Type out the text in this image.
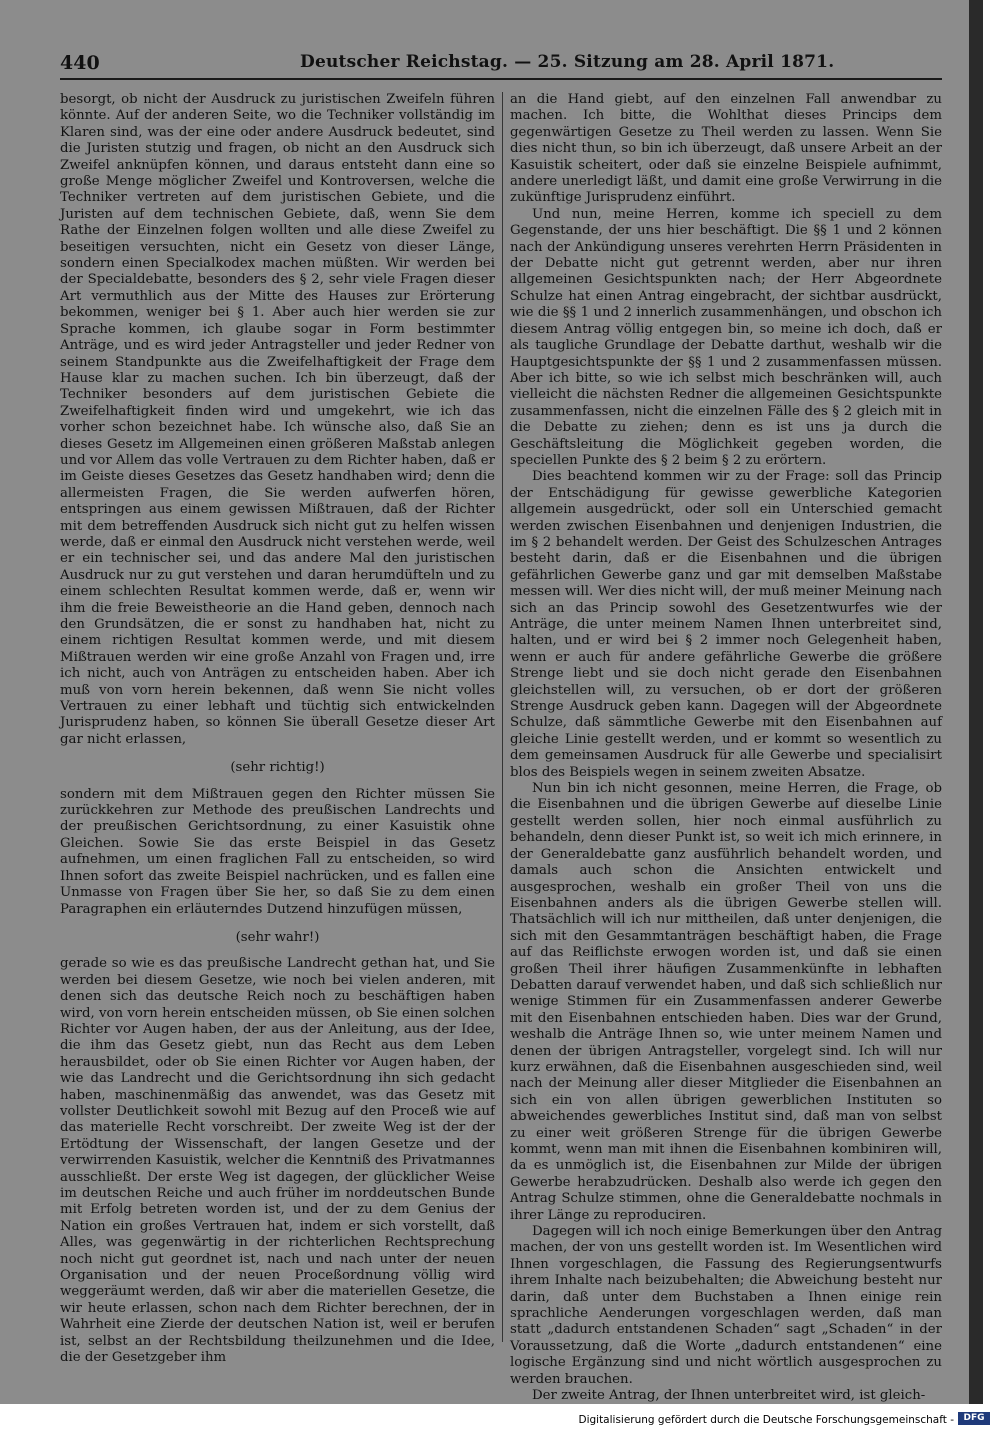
440	Deutscher Reichstag. — 25. Sitzung am 28. April 1871.

besorgt, ob nicht der Ausdruck zu juristischen Zweifeln führen könnte. Auf der anderen Seite, wo die Techniker vollständig im Klaren sind, was der eine oder andere Ausdruck bedeutet, sind die Juristen stutzig und fragen, ob nicht an den Ausdruck sich Zweifel anknüpfen können, und daraus entsteht dann eine so große Menge möglicher Zweifel und Kontroversen, welche die Techniker vertreten auf dem juristischen Gebiete, und die Juristen auf dem technischen Gebiete, daß, wenn Sie dem Rathe der Einzelnen folgen wollten und alle diese Zweifel zu beseitigen versuchten, nicht ein Gesetz von dieser Länge, sondern einen Specialkodex machen müßten. Wir werden bei der Specialdebatte, besonders des § 2, sehr viele Fragen dieser Art vermuthlich aus der Mitte des Hauses zur Erörterung bekommen, weniger bei § 1. Aber auch hier werden sie zur Sprache kommen, ich glaube sogar in Form bestimmter Anträge, und es wird jeder Antragsteller und jeder Redner von seinem Standpunkte aus die Zweifelhaftigkeit der Frage dem Hause klar zu machen suchen. Ich bin überzeugt, daß der Techniker besonders auf dem juristischen Gebiete die Zweifelhaftigkeit finden wird und umgekehrt, wie ich das vorher schon bezeichnet habe. Ich wünsche also, daß Sie an dieses Gesetz im Allgemeinen einen größeren Maßstab anlegen und vor Allem das volle Vertrauen zu dem Richter haben, daß er im Geiste dieses Gesetzes das Gesetz handhaben wird; denn die allermeisten Fragen, die Sie werden aufwerfen hören, entspringen aus einem gewissen Mißtrauen, daß der Richter mit dem betreffenden Ausdruck sich nicht gut zu helfen wissen werde, daß er einmal den Ausdruck nicht verstehen werde, weil er ein technischer sei, und das andere Mal den juristischen Ausdruck nur zu gut verstehen und daran herumdüfteln und zu einem schlechten Resultat kommen werde, daß er, wenn wir ihm die freie Beweistheorie an die Hand geben, dennoch nach den Grundsätzen, die er sonst zu handhaben hat, nicht zu einem richtigen Resultat kommen werde, und mit diesem Mißtrauen werden wir eine große Anzahl von Fragen und, irre ich nicht, auch von Anträgen zu entscheiden haben. Aber ich muß von vorn herein bekennen, daß wenn Sie nicht volles Vertrauen zu einer lebhaft und tüchtig sich entwickelnden Jurisprudenz haben, so können Sie überall Gesetze dieser Art gar nicht erlassen,

(sehr richtig!)

sondern mit dem Mißtrauen gegen den Richter müssen Sie zurückkehren zur Methode des preußischen Landrechts und der preußischen Gerichtsordnung, zu einer Kasuistik ohne Gleichen. Sowie Sie das erste Beispiel in das Gesetz aufnehmen, um einen fraglichen Fall zu entscheiden, so wird Ihnen sofort das zweite Beispiel nachrücken, und es fallen eine Unmasse von Fragen über Sie her, so daß Sie zu dem einen Paragraphen ein erläuterndes Dutzend hinzufügen müssen,

(sehr wahr!)

gerade so wie es das preußische Landrecht gethan hat, und Sie werden bei diesem Gesetze, wie noch bei vielen anderen, mit denen sich das deutsche Reich noch zu beschäftigen haben wird, von vorn herein entscheiden müssen, ob Sie einen solchen Richter vor Augen haben, der aus der Anleitung, aus der Idee, die ihm das Gesetz giebt, nun das Recht aus dem Leben herausbildet, oder ob Sie einen Richter vor Augen haben, der wie das Landrecht und die Gerichtsordnung ihn sich gedacht haben, maschinenmäßig das anwendet, was das Gesetz mit vollster Deutlichkeit sowohl mit Bezug auf den Proceß wie auf das materielle Recht vorschreibt. Der zweite Weg ist der der Ertödtung der Wissenschaft, der langen Gesetze und der verwirrenden Kasuistik, welcher die Kenntniß des Privatmannes ausschließt. Der erste Weg ist dagegen, der glücklicher Weise im deutschen Reiche und auch früher im norddeutschen Bunde mit Erfolg betreten worden ist, und der zu dem Genius der Nation ein großes Vertrauen hat, indem er sich vorstellt, daß Alles, was gegenwärtig in der richterlichen Rechtsprechung noch nicht gut geordnet ist, nach und nach unter der neuen Organisation und der neuen Proceßordnung völlig wird weggeräumt werden, daß wir aber die materiellen Gesetze, die wir heute erlassen, schon nach dem Richter berechnen, der in Wahrheit eine Zierde der deutschen Nation ist, weil er berufen ist, selbst an der Rechtsbildung theilzunehmen und die Idee, die der Gesetzgeber ihm

an die Hand giebt, auf den einzelnen Fall anwendbar zu machen. Ich bitte, die Wohlthat dieses Princips dem gegenwärtigen Gesetze zu Theil werden zu lassen. Wenn Sie dies nicht thun, so bin ich überzeugt, daß unsere Arbeit an der Kasuistik scheitert, oder daß sie einzelne Beispiele aufnimmt, andere unerledigt läßt, und damit eine große Verwirrung in die zukünftige Jurisprudenz einführt.

Und nun, meine Herren, komme ich speciell zu dem Gegenstande, der uns hier beschäftigt. Die §§ 1 und 2 können nach der Ankündigung unseres verehrten Herrn Präsidenten in der Debatte nicht gut getrennt werden, aber nur ihren allgemeinen Gesichtspunkten nach; der Herr Abgeordnete Schulze hat einen Antrag eingebracht, der sichtbar ausdrückt, wie die §§ 1 und 2 innerlich zusammenhängen, und obschon ich diesem Antrag völlig entgegen bin, so meine ich doch, daß er als taugliche Grundlage der Debatte darthut, weshalb wir die Hauptgesichtspunkte der §§ 1 und 2 zusammenfassen müssen. Aber ich bitte, so wie ich selbst mich beschränken will, auch vielleicht die nächsten Redner die allgemeinen Gesichtspunkte zusammenfassen, nicht die einzelnen Fälle des § 2 gleich mit in die Debatte zu ziehen; denn es ist uns ja durch die Geschäftsleitung die Möglichkeit gegeben worden, die speciellen Punkte des § 2 beim § 2 zu erörtern.

Dies beachtend kommen wir zu der Frage: soll das Princip der Entschädigung für gewisse gewerbliche Kategorien allgemein ausgedrückt, oder soll ein Unterschied gemacht werden zwischen Eisenbahnen und denjenigen Industrien, die im § 2 behandelt werden. Der Geist des Schulzeschen Antrages besteht darin, daß er die Eisenbahnen und die übrigen gefährlichen Gewerbe ganz und gar mit demselben Maßstabe messen will. Wer dies nicht will, der muß meiner Meinung nach sich an das Princip sowohl des Gesetzentwurfes wie der Anträge, die unter meinem Namen Ihnen unterbreitet sind, halten, und er wird bei § 2 immer noch Gelegenheit haben, wenn er auch für andere gefährliche Gewerbe die größere Strenge liebt und sie doch nicht gerade den Eisenbahnen gleichstellen will, zu versuchen, ob er dort der größeren Strenge Ausdruck geben kann. Dagegen will der Abgeordnete Schulze, daß sämmtliche Gewerbe mit den Eisenbahnen auf gleiche Linie gestellt werden, und er kommt so wesentlich zu dem gemeinsamen Ausdruck für alle Gewerbe und specialisirt blos des Beispiels wegen in seinem zweiten Absatze.

Nun bin ich nicht gesonnen, meine Herren, die Frage, ob die Eisenbahnen und die übrigen Gewerbe auf dieselbe Linie gestellt werden sollen, hier noch einmal ausführlich zu behandeln, denn dieser Punkt ist, so weit ich mich erinnere, in der Generaldebatte ganz ausführlich behandelt worden, und damals auch schon die Ansichten entwickelt und ausgesprochen, weshalb ein großer Theil von uns die Eisenbahnen anders als die übrigen Gewerbe stellen will. Thatsächlich will ich nur mittheilen, daß unter denjenigen, die sich mit den Gesammtanträgen beschäftigt haben, die Frage auf das Reiflichste erwogen worden ist, und daß sie einen großen Theil ihrer häufigen Zusammenkünfte in lebhaften Debatten darauf verwendet haben, und daß sich schließlich nur wenige Stimmen für ein Zusammenfassen anderer Gewerbe mit den Eisenbahnen entschieden haben. Dies war der Grund, weshalb die Anträge Ihnen so, wie unter meinem Namen und denen der übrigen Antragsteller, vorgelegt sind. Ich will nur kurz erwähnen, daß die Eisenbahnen ausgeschieden sind, weil nach der Meinung aller dieser Mitglieder die Eisenbahnen an sich ein von allen übrigen gewerblichen Instituten so abweichendes gewerbliches Institut sind, daß man von selbst zu einer weit größeren Strenge für die übrigen Gewerbe kommt, wenn man mit ihnen die Eisenbahnen kombiniren will, da es unmöglich ist, die Eisenbahnen zur Milde der übrigen Gewerbe herabzudrücken. Deshalb also werde ich gegen den Antrag Schulze stimmen, ohne die Generaldebatte nochmals in ihrer Länge zu reproduciren.

Dagegen will ich noch einige Bemerkungen über den Antrag machen, der von uns gestellt worden ist. Im Wesentlichen wird Ihnen vorgeschlagen, die Fassung des Regierungsentwurfs ihrem Inhalte nach beizubehalten; die Abweichung besteht nur darin, daß unter dem Buchstaben a Ihnen einige rein sprachliche Aenderungen vorgeschlagen werden, daß man statt „dadurch entstandenen Schaden“ sagt „Schaden“ in der Voraussetzung, daß die Worte „dadurch entstandenen“ eine logische Ergänzung sind und nicht wörtlich ausgesprochen zu werden brauchen.

Der zweite Antrag, der Ihnen unterbreitet wird, ist gleich-

Digitalisierung gefördert durch die Deutsche Forschungsgemeinschaft -	DFG
